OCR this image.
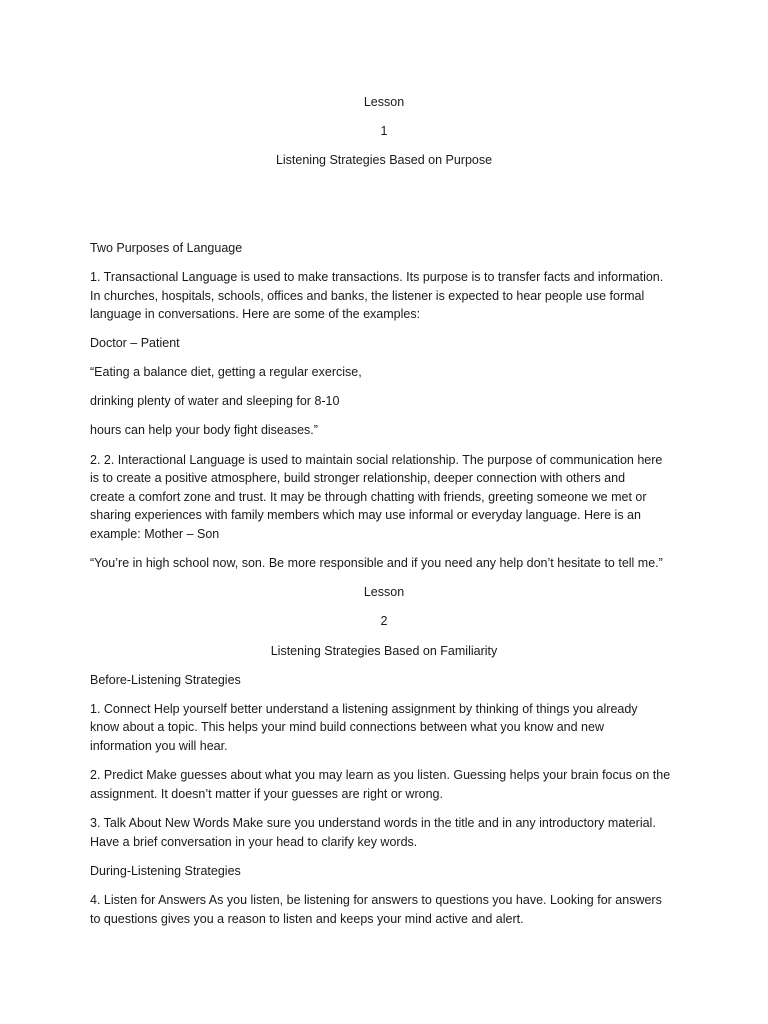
Lesson
1
Listening Strategies Based on Purpose
Two Purposes of Language
1. Transactional Language is used to make transactions. Its purpose is to transfer facts and information.
In churches, hospitals, schools, offices and banks, the listener is expected to hear people use formal
language in conversations. Here are some of the examples:
Doctor – Patient
“Eating a balance diet, getting a regular exercise,
drinking plenty of water and sleeping for 8-10
hours can help your body fight diseases.”
2. 2. Interactional Language is used to maintain social relationship. The purpose of communication here
is to create a positive atmosphere, build stronger relationship, deeper connection with others and
create a comfort zone and trust. It may be through chatting with friends, greeting someone we met or
sharing experiences with family members which may use informal or everyday language. Here is an
example: Mother – Son
“You’re in high school now, son. Be more responsible and if you need any help don’t hesitate to tell me.”
Lesson
2
Listening Strategies Based on Familiarity
Before-Listening Strategies
1. Connect Help yourself better understand a listening assignment by thinking of things you already
know about a topic. This helps your mind build connections between what you know and new
information you will hear.
2. Predict Make guesses about what you may learn as you listen. Guessing helps your brain focus on the
assignment. It doesn’t matter if your guesses are right or wrong.
3. Talk About New Words Make sure you understand words in the title and in any introductory material.
Have a brief conversation in your head to clarify key words.
During-Listening Strategies
4. Listen for Answers As you listen, be listening for answers to questions you have. Looking for answers
to questions gives you a reason to listen and keeps your mind active and alert.
